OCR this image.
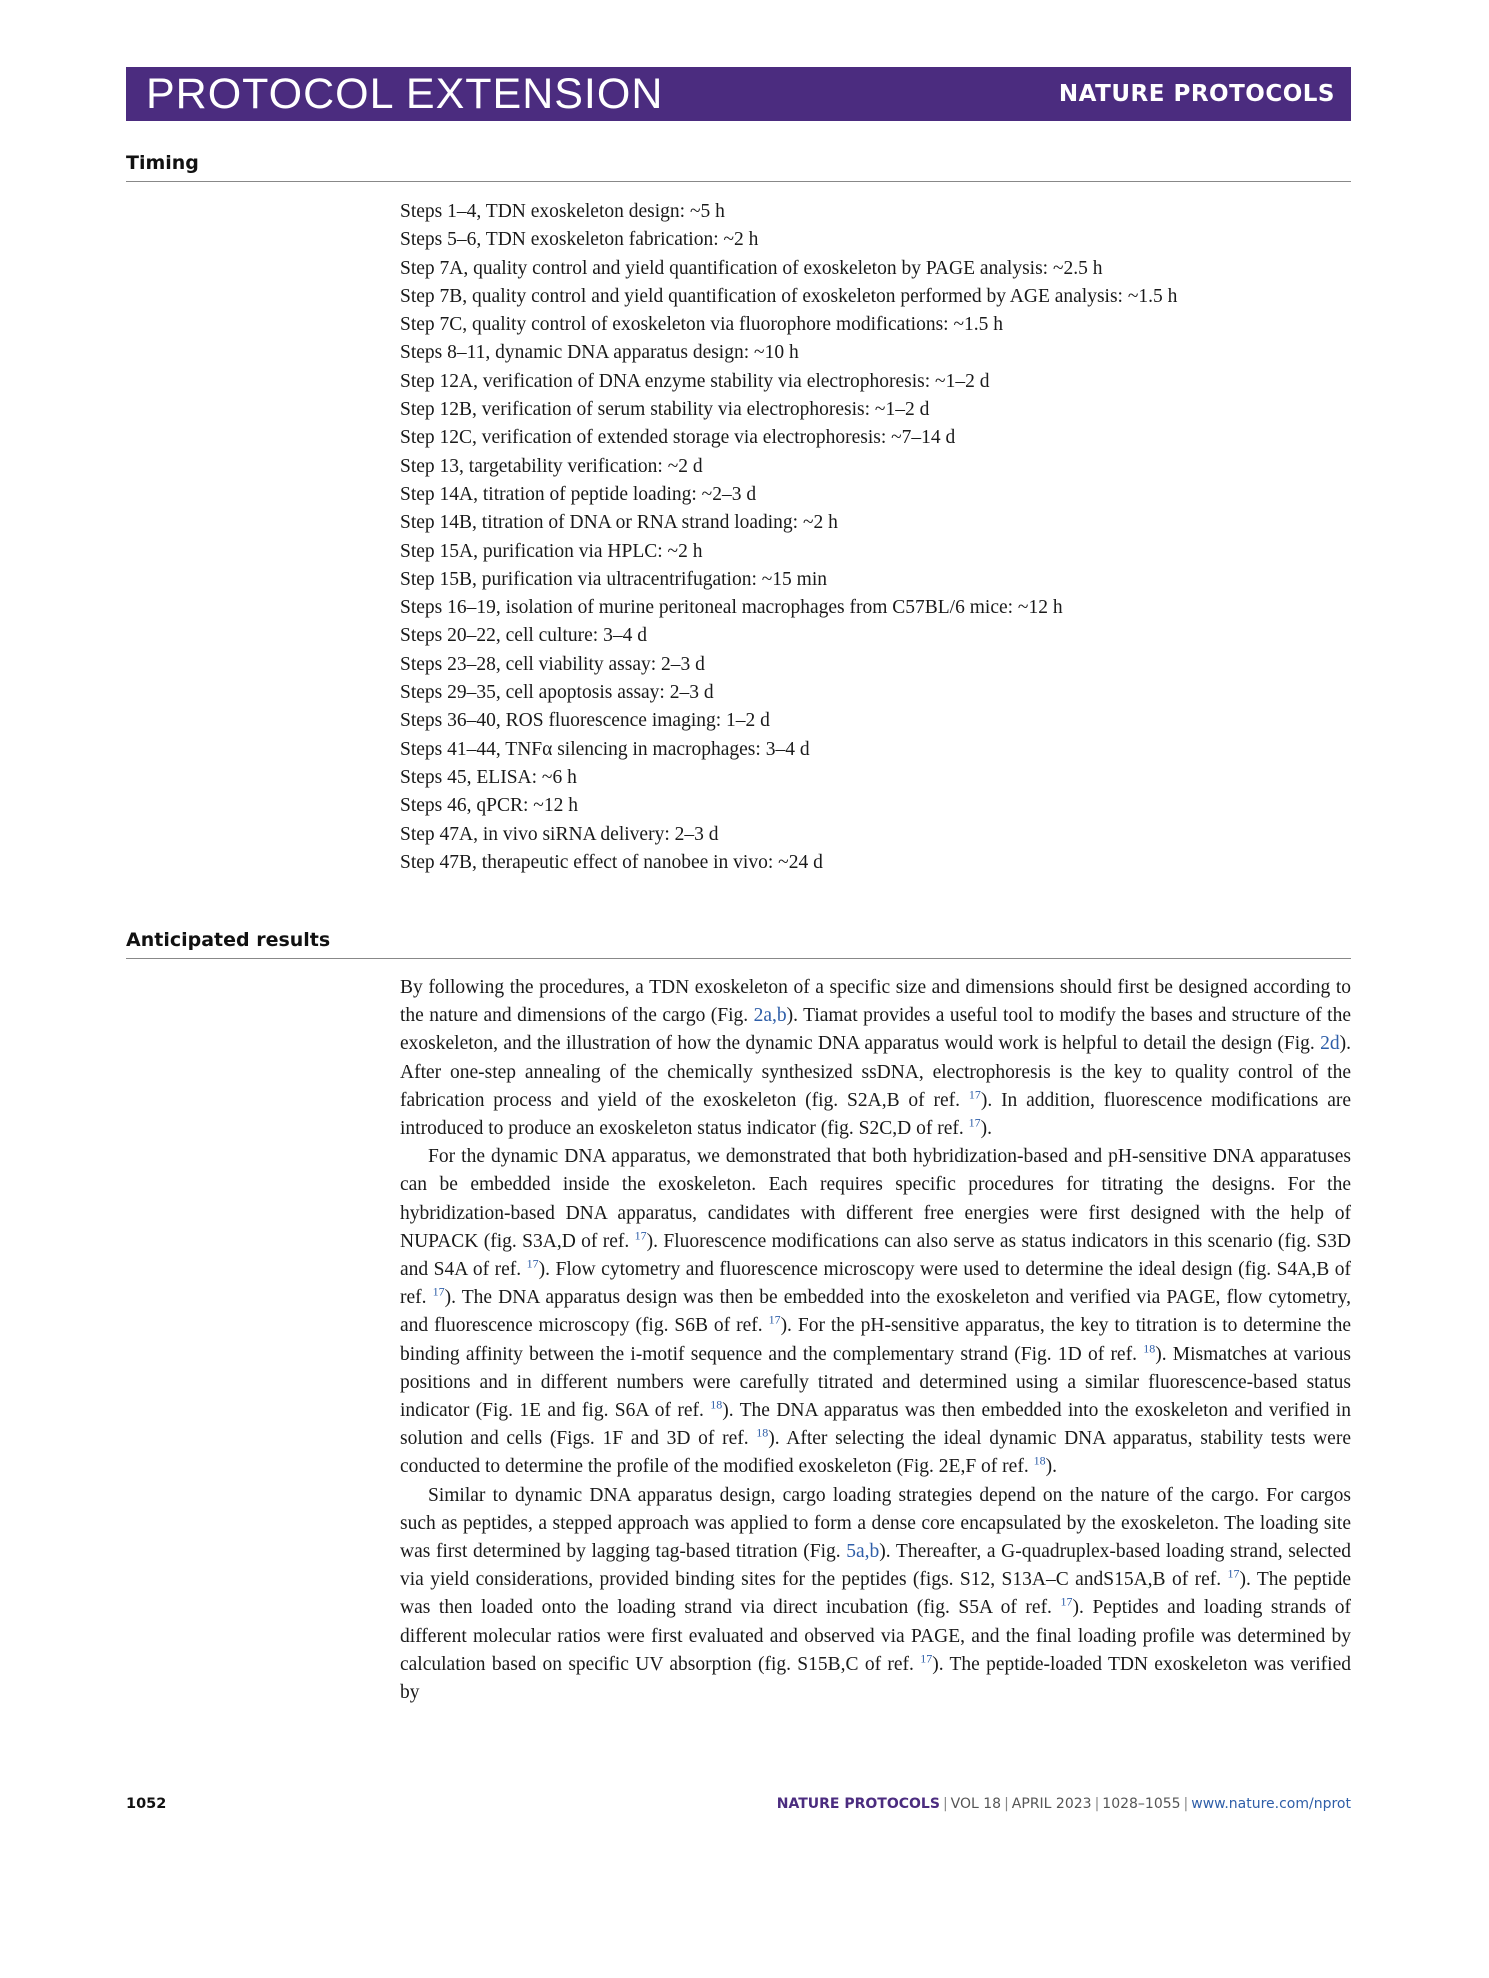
PROTOCOL EXTENSION	NATURE PROTOCOLS
Timing
Steps 1–4, TDN exoskeleton design: ~5 h
Steps 5–6, TDN exoskeleton fabrication: ~2 h
Step 7A, quality control and yield quantification of exoskeleton by PAGE analysis: ~2.5 h
Step 7B, quality control and yield quantification of exoskeleton performed by AGE analysis: ~1.5 h
Step 7C, quality control of exoskeleton via fluorophore modifications: ~1.5 h
Steps 8–11, dynamic DNA apparatus design: ~10 h
Step 12A, verification of DNA enzyme stability via electrophoresis: ~1–2 d
Step 12B, verification of serum stability via electrophoresis: ~1–2 d
Step 12C, verification of extended storage via electrophoresis: ~7–14 d
Step 13, targetability verification: ~2 d
Step 14A, titration of peptide loading: ~2–3 d
Step 14B, titration of DNA or RNA strand loading: ~2 h
Step 15A, purification via HPLC: ~2 h
Step 15B, purification via ultracentrifugation: ~15 min
Steps 16–19, isolation of murine peritoneal macrophages from C57BL/6 mice: ~12 h
Steps 20–22, cell culture: 3–4 d
Steps 23–28, cell viability assay: 2–3 d
Steps 29–35, cell apoptosis assay: 2–3 d
Steps 36–40, ROS fluorescence imaging: 1–2 d
Steps 41–44, TNFα silencing in macrophages: 3–4 d
Steps 45, ELISA: ~6 h
Steps 46, qPCR: ~12 h
Step 47A, in vivo siRNA delivery: 2–3 d
Step 47B, therapeutic effect of nanobee in vivo: ~24 d
Anticipated results

By following the procedures, a TDN exoskeleton of a specific size and dimensions should first be designed according to the nature and dimensions of the cargo (Fig. 2a,b). Tiamat provides a useful tool to modify the bases and structure of the exoskeleton, and the illustration of how the dynamic DNA apparatus would work is helpful to detail the design (Fig. 2d). After one-step annealing of the chemically synthesized ssDNA, electrophoresis is the key to quality control of the fabrication process and yield of the exoskeleton (fig. S2A,B of ref. $^{17}$). In addition, fluorescence modifications are introduced to produce an exoskeleton status indicator (fig. S2C,D of ref. $^{17}$).

For the dynamic DNA apparatus, we demonstrated that both hybridization-based and pH-sensitive DNA apparatuses can be embedded inside the exoskeleton. Each requires specific procedures for titrating the designs. For the hybridization-based DNA apparatus, candidates with different free energies were first designed with the help of NUPACK (fig. S3A,D of ref. $^{17}$). Fluorescence modifications can also serve as status indicators in this scenario (fig. S3D and S4A of ref. $^{17}$). Flow cytometry and fluorescence microscopy were used to determine the ideal design (fig. S4A,B of ref. $^{17}$). The DNA apparatus design was then be embedded into the exoskeleton and verified via PAGE, flow cytometry, and fluorescence microscopy (fig. S6B of ref. $^{17}$). For the pH-sensitive apparatus, the key to titration is to determine the binding affinity between the i-motif sequence and the complementary strand (Fig. 1D of ref. $^{18}$). Mismatches at various positions and in different numbers were carefully titrated and determined using a similar fluorescence-based status indicator (Fig. 1E and fig. S6A of ref. $^{18}$). The DNA apparatus was then embedded into the exoskeleton and verified in solution and cells (Figs. 1F and 3D of ref. $^{18}$). After selecting the ideal dynamic DNA apparatus, stability tests were conducted to determine the profile of the modified exoskeleton (Fig. 2E,F of ref. $^{18}$).

Similar to dynamic DNA apparatus design, cargo loading strategies depend on the nature of the cargo. For cargos such as peptides, a stepped approach was applied to form a dense core encapsulated by the exoskeleton. The loading site was first determined by lagging tag-based titration (Fig. 5a,b). Thereafter, a G-quadruplex-based loading strand, selected via yield considerations, provided binding sites for the peptides (figs. S12, S13A–C andS15A,B of ref. $^{17}$). The peptide was then loaded onto the loading strand via direct incubation (fig. S5A of ref. $^{17}$). Peptides and loading strands of different molecular ratios were first evaluated and observed via PAGE, and the final loading profile was determined by calculation based on specific UV absorption (fig. S15B,C of ref. $^{17}$). The peptide-loaded TDN exoskeleton was verified by

1052	NATURE PROTOCOLS | VOL 18 | APRIL 2023 | 1028–1055 | www.nature.com/nprot
